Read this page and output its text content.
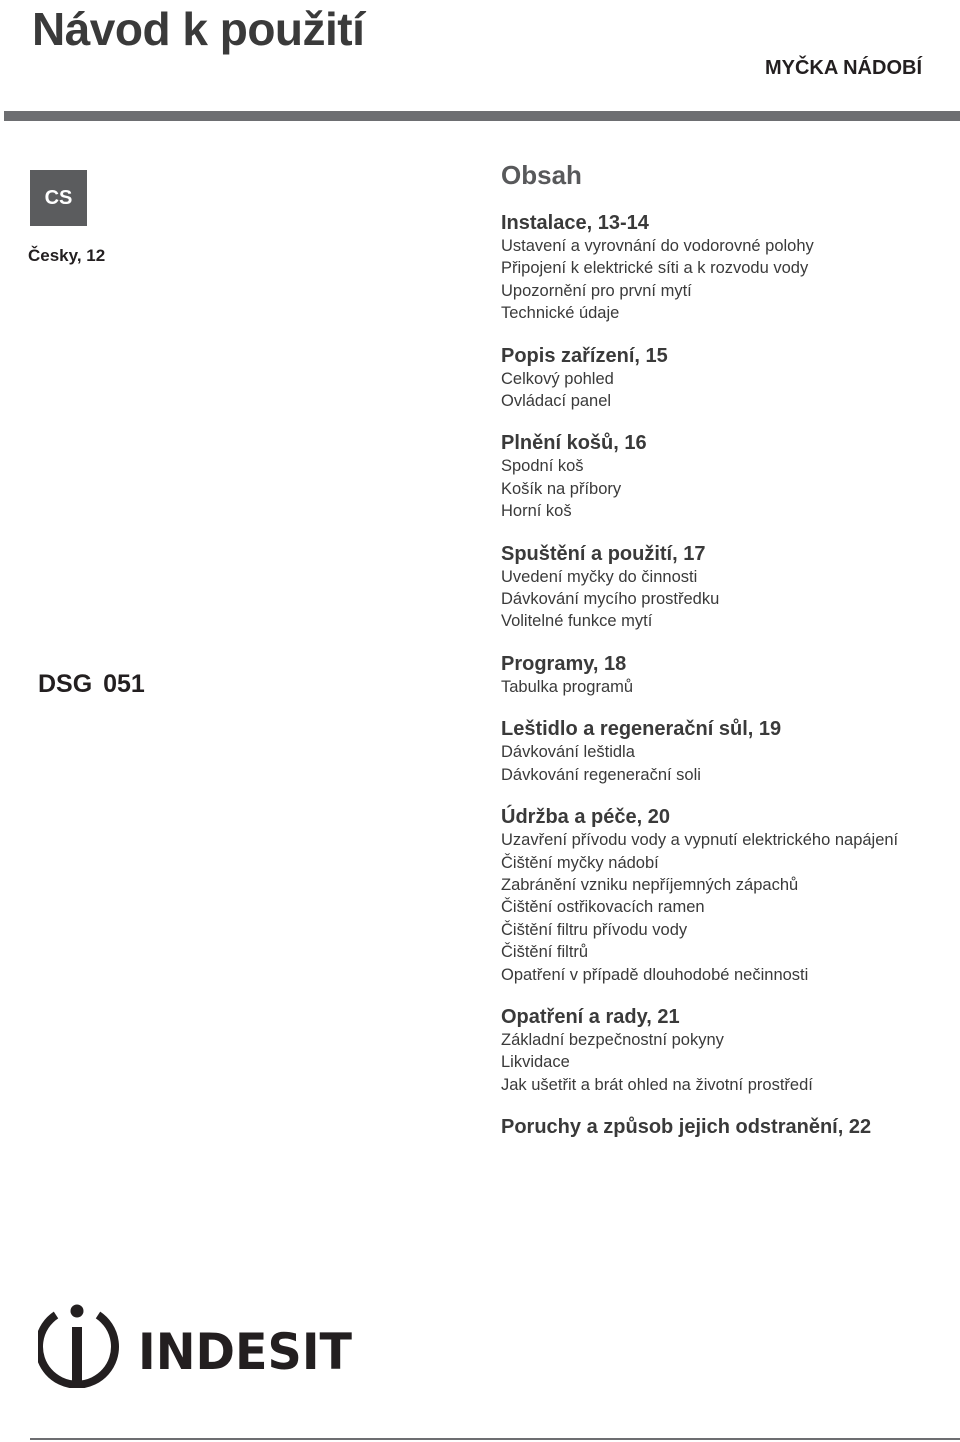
Návod k použití
MYČKA NÁDOBÍ
CS
Česky, 12
DSG 051
Obsah
Instalace, 13-14
Ustavení a vyrovnání do vodorovné polohy
Připojení k elektrické síti a k rozvodu vody
Upozornění pro první mytí
Technické údaje
Popis zařízení, 15
Celkový pohled
Ovládací panel
Plnění košů, 16
Spodní koš
Košík na příbory
Horní koš
Spuštění a použití, 17
Uvedení myčky do činnosti
Dávkování mycího prostředku
Volitelné funkce mytí
Programy, 18
Tabulka programů
Leštidlo a regenerační sůl, 19
Dávkování leštidla
Dávkování regenerační soli
Údržba a péče, 20
Uzavření přívodu vody a vypnutí elektrického napájení
Čištění myčky nádobí
Zabránění vzniku nepříjemných zápachů
Čištění ostřikovacích ramen
Čištění filtru přívodu vody
Čištění filtrů
Opatření v případě dlouhodobé nečinnosti
Opatření a rady, 21
Základní bezpečnostní pokyny
Likvidace
Jak ušetřit a brát ohled na životní prostředí
Poruchy a způsob jejich odstranění, 22
INDESIT
